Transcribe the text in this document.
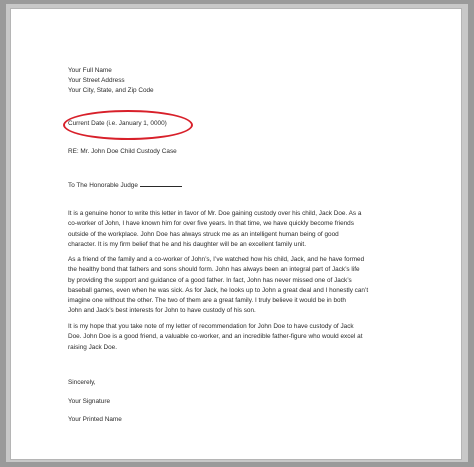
Your Full Name
Your Street Address
Your City, State, and Zip Code
Current Date (i.e. January 1, 0000)
RE: Mr. John Doe Child Custody Case
To The Honorable Judge
It is a genuine honor to write this letter in favor of Mr. Doe gaining custody over his child, Jack Doe. As a
co-worker of John, I have known him for over five years. In that time, we have quickly become friends
outside of the workplace. John Doe has always struck me as an intelligent human being of good
character. It is my firm belief that he and his daughter will be an excellent family unit.
As a friend of the family and a co-worker of John’s, I’ve watched how his child, Jack, and he have formed
the healthy bond that fathers and sons should form. John has always been an integral part of Jack’s life
by providing the support and guidance of a good father. In fact, John has never missed one of Jack’s
baseball games, even when he was sick. As for Jack, he looks up to John a great deal and I honestly can’t
imagine one without the other. The two of them are a great family. I truly believe it would be in both
John and Jack’s best interests for John to have custody of his son.
It is my hope that you take note of my letter of recommendation for John Doe to have custody of Jack
Doe. John Doe is a good friend, a valuable co-worker, and an incredible father-figure who would excel at
raising Jack Doe.
Sincerely,
Your Signature
Your Printed Name
